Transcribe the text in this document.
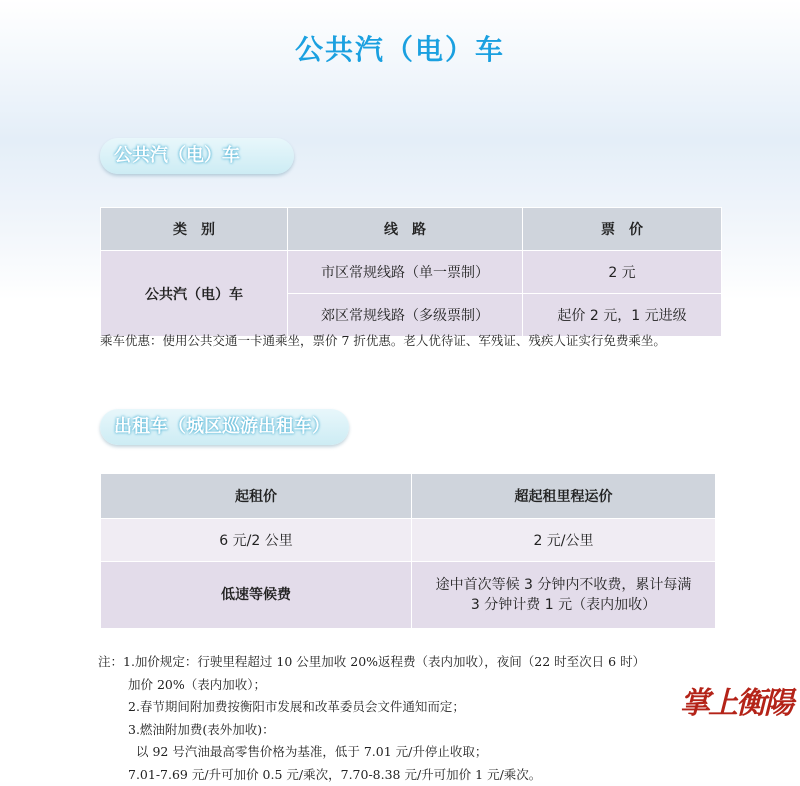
公共汽（电）车
公共汽（电）车
类　别	线　路	票　价
公共汽（电）车	市区常规线路（单一票制）	2 元
	郊区常规线路（多级票制）	起价 2 元，1 元进级
乘车优惠：使用公共交通一卡通乘坐，票价 7 折优惠。老人优待证、军残证、残疾人证实行免费乘坐。
出租车（城区巡游出租车）
起租价	超起租里程运价
6 元/2 公里	2 元/公里
低速等候费	途中首次等候 3 分钟内不收费，累计每满
3 分钟计费 1 元（表内加收）
注：1.加价规定：行驶里程超过 10 公里加收 20%返程费（表内加收），夜间（22 时至次日 6 时）
加价 20%（表内加收）；
2.春节期间附加费按衡阳市发展和改革委员会文件通知而定；
3.燃油附加费(表外加收)：
以 92 号汽油最高零售价格为基准，低于 7.01 元/升停止收取；
7.01-7.69 元/升可加价 0.5 元/乘次，7.70-8.38 元/升可加价 1 元/乘次。
掌上衡陽
